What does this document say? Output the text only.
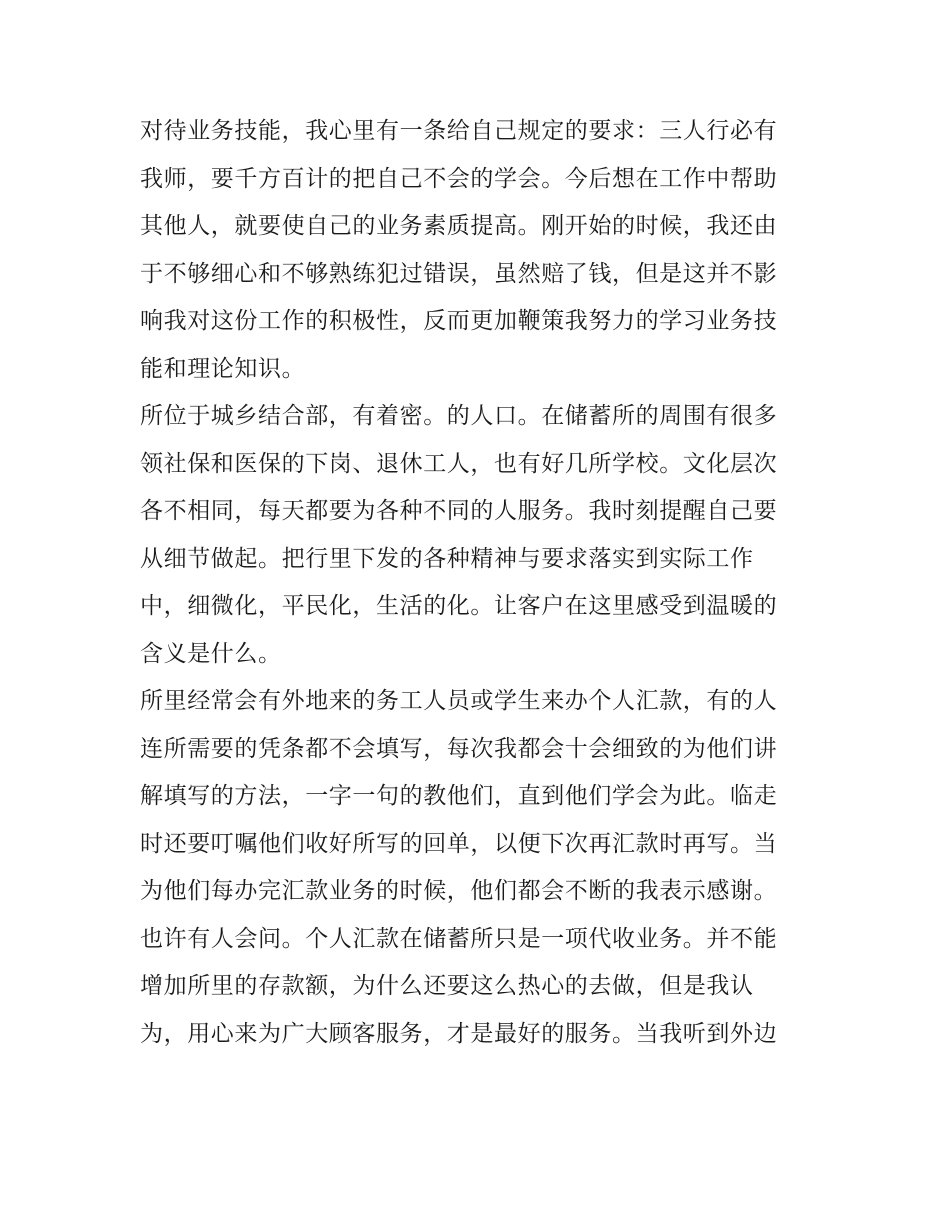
对待业务技能，我心里有一条给自己规定的要求：三人行必有
我师，要千方百计的把自己不会的学会。今后想在工作中帮助
其他人，就要使自己的业务素质提高。刚开始的时候，我还由
于不够细心和不够熟练犯过错误，虽然赔了钱，但是这并不影
响我对这份工作的积极性，反而更加鞭策我努力的学习业务技
能和理论知识。
所位于城乡结合部，有着密。的人口。在储蓄所的周围有很多
领社保和医保的下岗、退休工人，也有好几所学校。文化层次
各不相同，每天都要为各种不同的人服务。我时刻提醒自己要
从细节做起。把行里下发的各种精神与要求落实到实际工作
中，细微化，平民化，生活的化。让客户在这里感受到温暖的
含义是什么。
所里经常会有外地来的务工人员或学生来办个人汇款，有的人
连所需要的凭条都不会填写，每次我都会十会细致的为他们讲
解填写的方法，一字一句的教他们，直到他们学会为此。临走
时还要叮嘱他们收好所写的回单，以便下次再汇款时再写。当
为他们每办完汇款业务的时候，他们都会不断的我表示感谢。
也许有人会问。个人汇款在储蓄所只是一项代收业务。并不能
增加所里的存款额，为什么还要这么热心的去做，但是我认
为，用心来为广大顾客服务，才是最好的服务。当我听到外边
